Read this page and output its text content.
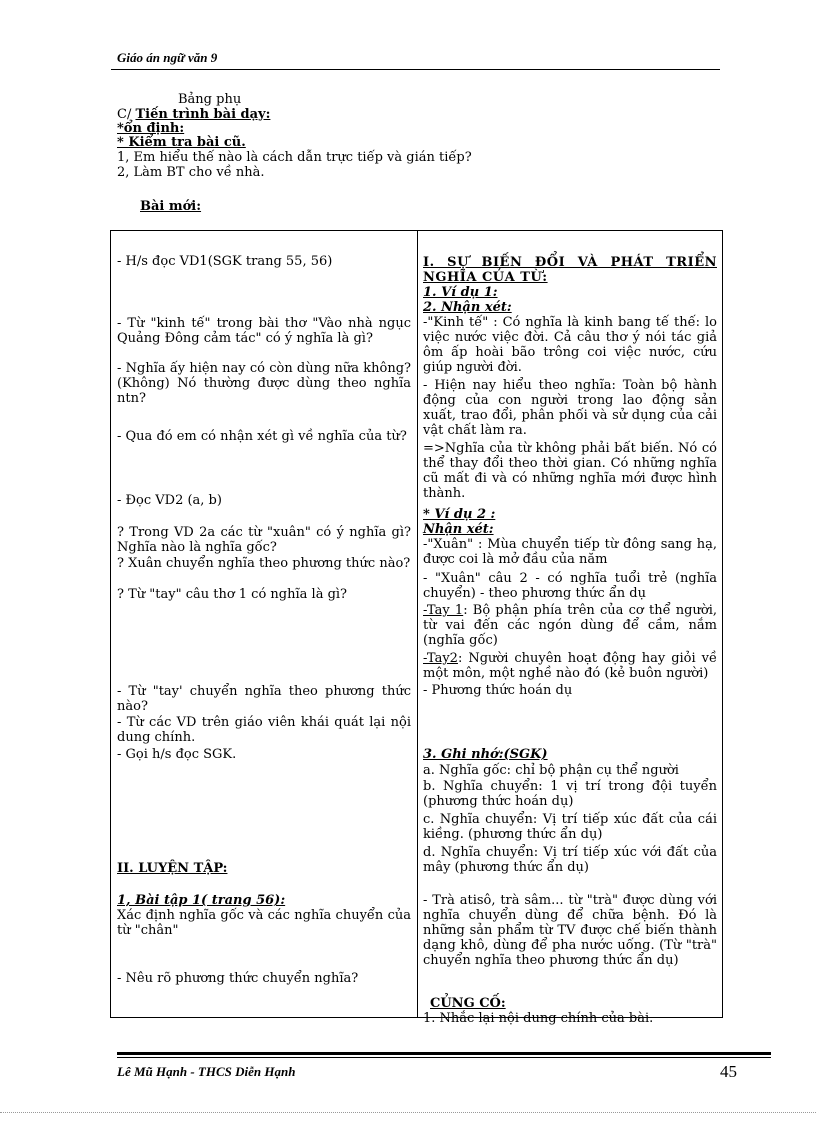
Giáo án ngữ văn 9
Bảng phụ
C/ Tiến trình bài dạy:
*ổn định:
* Kiểm tra bài cũ.
1, Em hiểu thế nào là cách dẫn trực tiếp và gián tiếp?
2, Làm BT cho về nhà.
Bài mới:
- H/s đọc VD1(SGK trang 55, 56)
- Từ "kinh tế" trong bài thơ "Vào nhà ngục Quảng Đông cảm tác" có ý nghĩa là gì?
- Nghĩa ấy hiện nay có còn dùng nữa không? (Không) Nó thường được dùng theo nghĩa ntn?
- Qua đó em có nhận xét gì về nghĩa của từ?
- Đọc VD2 (a, b)
? Trong VD 2a các từ "xuân" có ý nghĩa gì? Nghĩa nào là nghĩa gốc?
? Xuân chuyển nghĩa theo phương thức nào?
? Từ "tay" câu thơ 1 có nghĩa là gì?
- Từ "tay' chuyển nghĩa theo phương thức nào?
- Từ các VD trên giáo viên khái quát lại nội dung chính.
- Gọi h/s đọc SGK.
II. LUYỆN TẬP:
1, Bài tập 1( trang 56):
Xác định nghĩa gốc và các nghĩa chuyển của từ "chân"
- Nêu rõ phương thức chuyển nghĩa?

I. SỰ BIẾN ĐỔI VÀ PHÁT TRIỂN NGHĨA CỦA TỪ:
1. Ví dụ 1:
2. Nhận xét:
-"Kinh tế" : Có nghĩa là kinh bang tế thế: lo việc nước việc đời. Cả câu thơ ý nói tác giả ôm ấp hoài bão trông coi việc nước, cứu giúp người đời.
- Hiện nay hiểu theo nghĩa: Toàn bộ hành động của con người trong lao động sản xuất, trao đổi, phân phối và sử dụng của cải vật chất làm ra.
=>Nghĩa của từ không phải bất biến. Nó có thể thay đổi theo thời gian. Có những nghĩa cũ mất đi và có những nghĩa mới được hình thành.
* Ví dụ 2 :
Nhận xét:
-"Xuân" : Mùa chuyển tiếp từ đông sang hạ, được coi là mở đầu của năm
- "Xuân" câu 2 - có nghĩa tuổi trẻ (nghĩa chuyển) - theo phương thức ẩn dụ
-Tay 1: Bộ phận phía trên của cơ thể người, từ vai đến các ngón dùng để cầm, nắm (nghĩa gốc)
-Tay2: Người chuyên hoạt động hay giỏi về một môn, một nghề nào đó (kẻ buôn người)
- Phương thức hoán dụ
3. Ghi nhớ:(SGK)
a. Nghĩa gốc: chỉ bộ phận cụ thể người
b. Nghĩa chuyển: 1 vị trí trong đội tuyển (phương thức hoán dụ)
c. Nghĩa chuyển: Vị trí tiếp xúc đất của cái kiềng. (phương thức ẩn dụ)
d. Nghĩa chuyển: Vị trí tiếp xúc với đất của mây (phương thức ẩn dụ)
- Trà atisô, trà sâm... từ "trà" được dùng với nghĩa chuyển dùng để chữa bệnh. Đó là những sản phẩm từ TV được chế biến thành dạng khô, dùng để pha nước uống. (Từ "trà" chuyển nghĩa theo phương thức ẩn dụ)
CỦNG CỐ:
1. Nhắc lại nội dung chính của bài.
Lê Mũ Hạnh - THCS Diễn Hạnh	45
